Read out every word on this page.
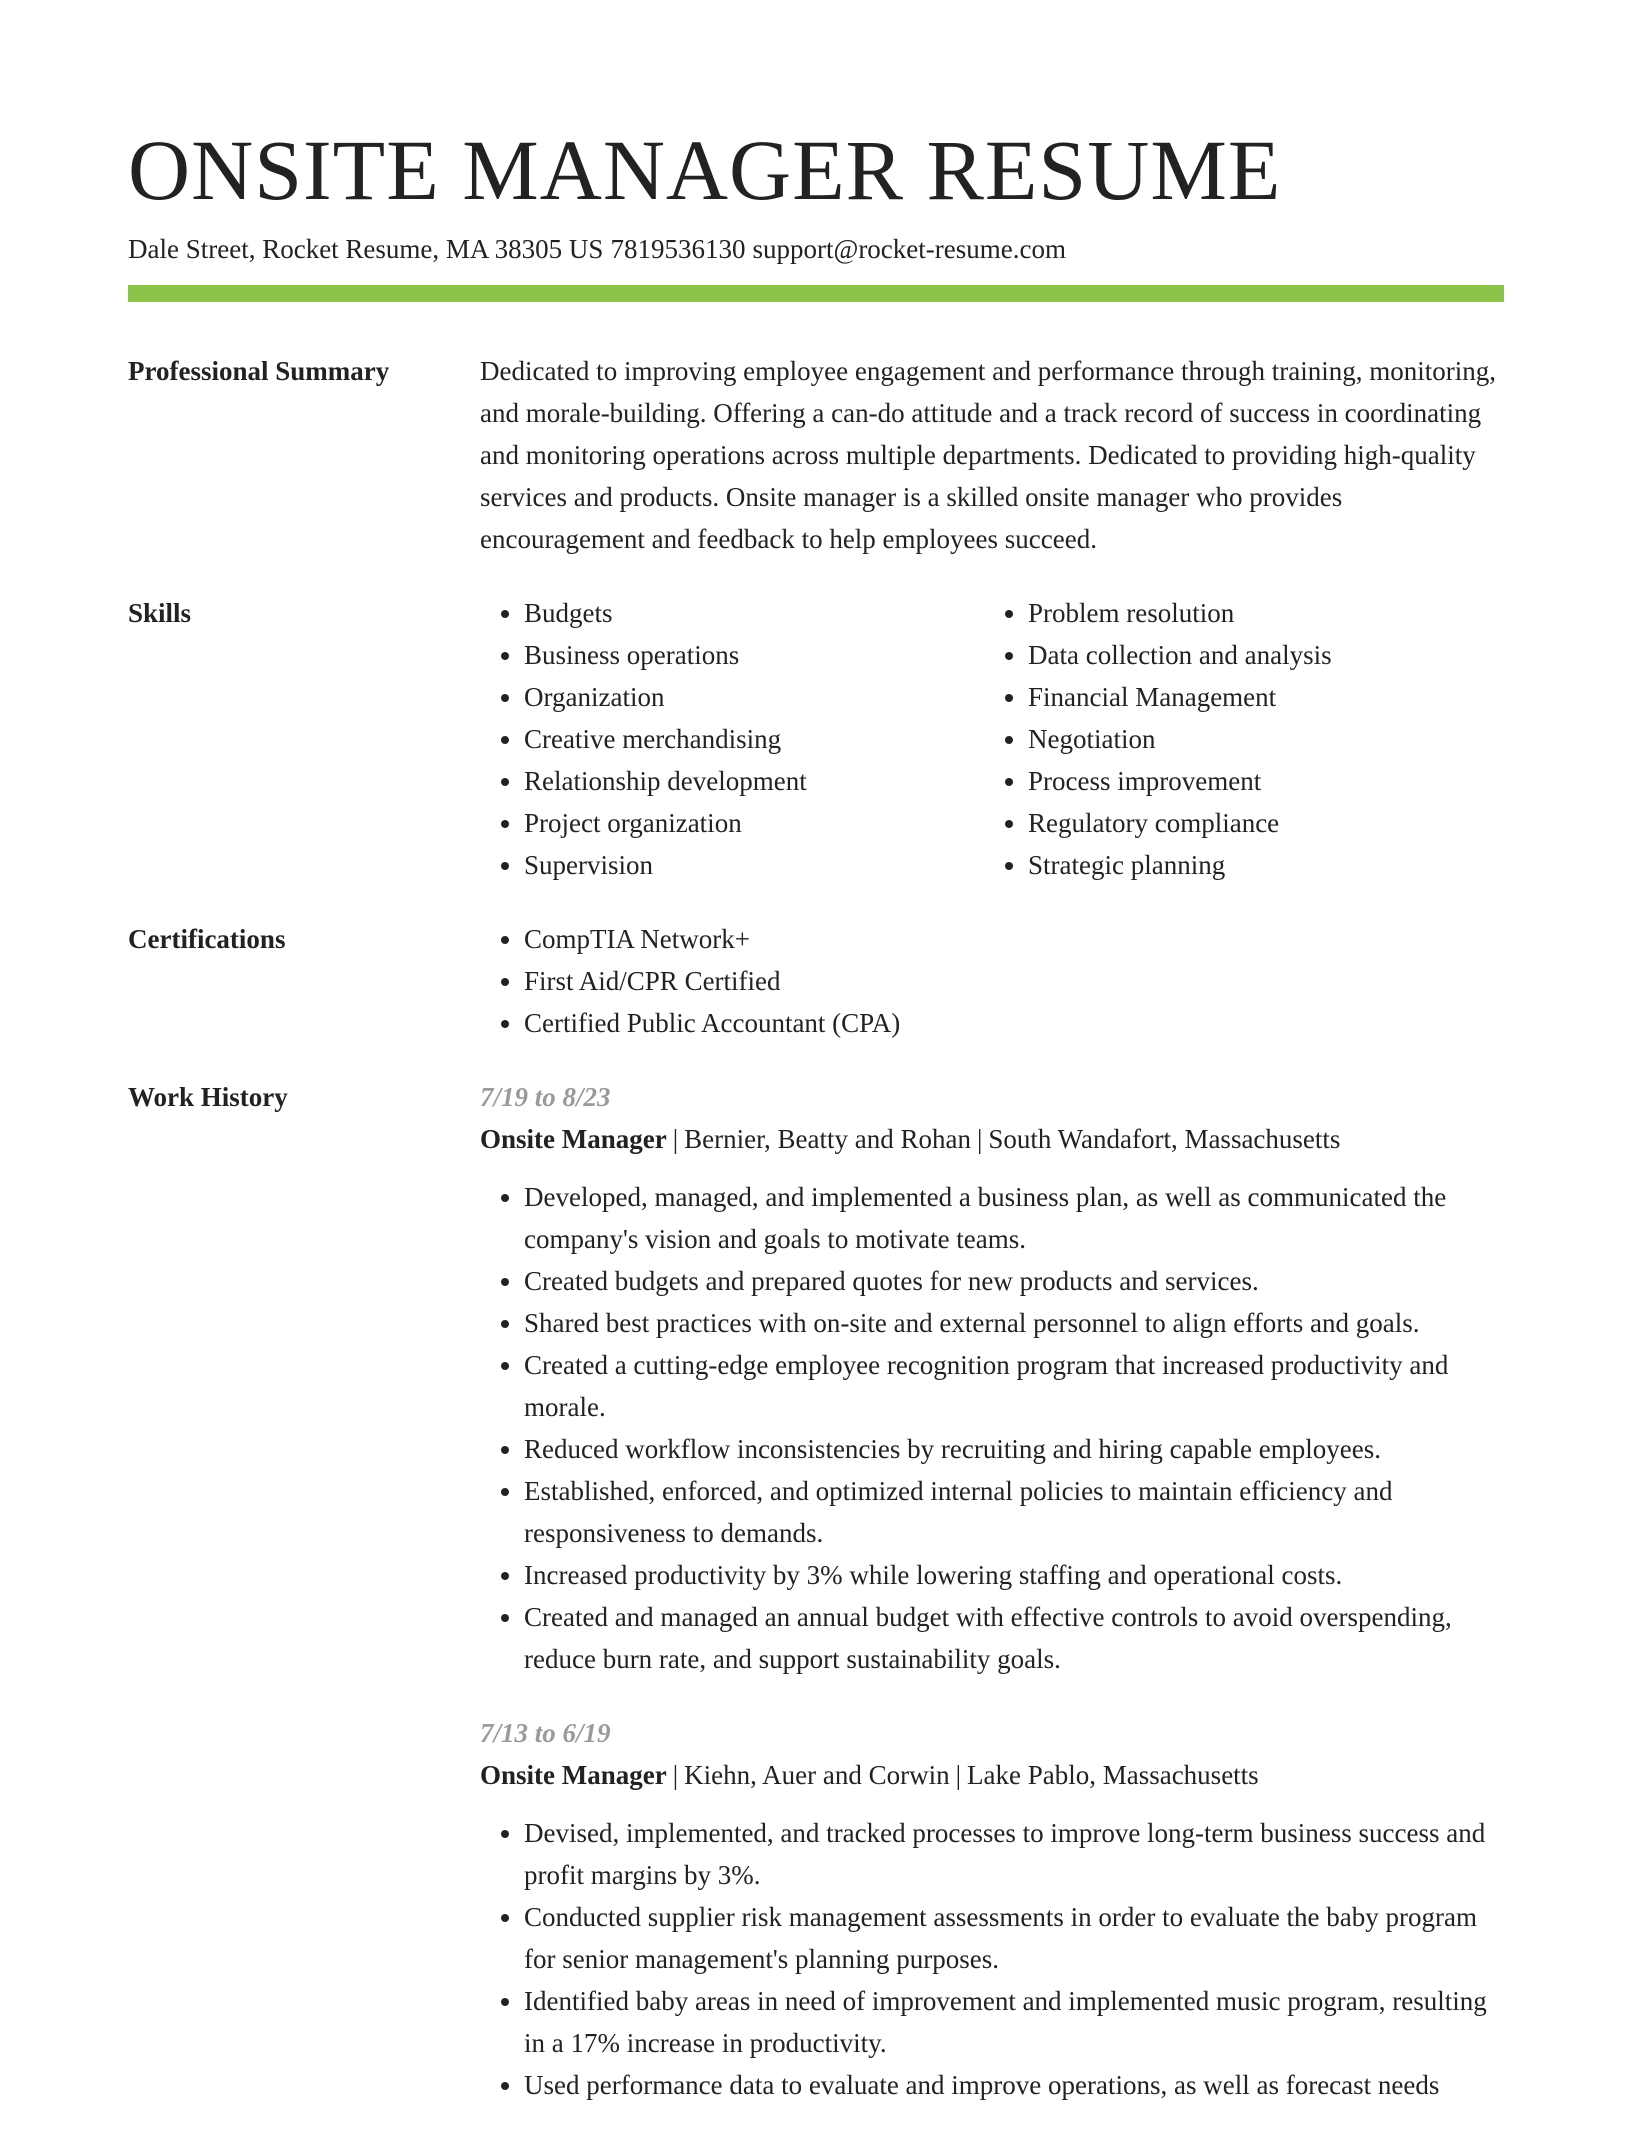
ONSITE MANAGER RESUME
Dale Street, Rocket Resume, MA 38305 US 7819536130 support@rocket-resume.com
Professional Summary	Dedicated to improving employee engagement and performance through training, monitoring, and morale-building. Offering a can-do attitude and a track record of success in coordinating and monitoring operations across multiple departments. Dedicated to providing high-quality services and products. Onsite manager is a skilled onsite manager who provides encouragement and feedback to help employees succeed.

Skills	• Budgets
• Business operations
• Organization
• Creative merchandising
• Relationship development
• Project organization
• Supervision
• Problem resolution
• Data collection and analysis
• Financial Management
• Negotiation
• Process improvement
• Regulatory compliance
• Strategic planning
Certifications	• CompTIA Network+
• First Aid/CPR Certified
• Certified Public Accountant (CPA)
Work History	7/19 to 8/23
Onsite Manager | Bernier, Beatty and Rohan | South Wandafort, Massachusetts
• Developed, managed, and implemented a business plan, as well as communicated the company's vision and goals to motivate teams.
• Created budgets and prepared quotes for new products and services.
• Shared best practices with on-site and external personnel to align efforts and goals.
• Created a cutting-edge employee recognition program that increased productivity and morale.
• Reduced workflow inconsistencies by recruiting and hiring capable employees.
• Established, enforced, and optimized internal policies to maintain efficiency and responsiveness to demands.
• Increased productivity by 3% while lowering staffing and operational costs.
• Created and managed an annual budget with effective controls to avoid overspending, reduce burn rate, and support sustainability goals.
7/13 to 6/19
Onsite Manager | Kiehn, Auer and Corwin | Lake Pablo, Massachusetts
• Devised, implemented, and tracked processes to improve long-term business success and profit margins by 3%.
• Conducted supplier risk management assessments in order to evaluate the baby program for senior management's planning purposes.
• Identified baby areas in need of improvement and implemented music program, resulting in a 17% increase in productivity.
• Used performance data to evaluate and improve operations, as well as forecast needs
